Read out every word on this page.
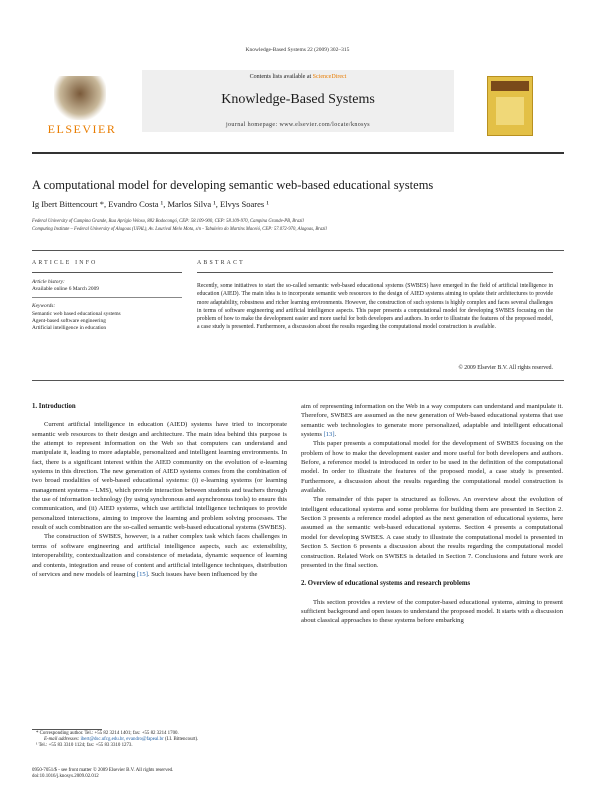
Knowledge-Based Systems 22 (2009) 302–315
ELSEVIER
Contents lists available at ScienceDirect
Knowledge-Based Systems
journal homepage: www.elsevier.com/locate/knosys
A computational model for developing semantic web-based educational systems
Ig Ibert Bittencourt *, Evandro Costa ¹, Marlos Silva ¹, Elvys Soares ¹
Federal University of Campina Grande, Rua Aprígio Veloso, 882 Bodocongó, CEP: 58.109-900, CEP: 58.109-970, Campina Grande-PB, Brazil
Computing Institute – Federal University of Alagoas (UFAL), Av. Lourival Melo Mota, s/n - Tabuleiro do Martins Maceió, CEP: 57.072-970, Alagoas, Brazil
ARTICLE INFO
Article history:
Available online 6 March 2009
Keywords:
Semantic web based educational systems
Agent-based software engineering
Artificial intelligence in education
ABSTRACT
Recently, some initiatives to start the so-called semantic web-based educational systems (SWBES) have emerged in the field of artificial intelligence in education (AIED). The main idea is to incorporate semantic web resources to the design of AIED systems aiming to update their architectures to provide more adaptability, robustness and richer learning environments. However, the construction of such systems is highly complex and faces several challenges in terms of software engineering and artificial intelligence aspects. This paper presents a computational model for developing SWBES focusing on the problem of how to make the development easier and more useful for both developers and authors. In order to illustrate the features of the proposed model, a case study is presented. Furthermore, a discussion about the results regarding the computational model construction is available.
© 2009 Elsevier B.V. All rights reserved.
1. Introduction

Current artificial intelligence in education (AIED) systems have tried to incorporate semantic web resources to their design and architecture. The main idea behind this purpose is the attempt to represent information on the Web so that computers can understand and manipulate it, leading to more adaptable, personalized and intelligent learning environments. In fact, there is a significant interest within the AIED community on the evolution of e-learning systems in this direction. The new generation of AIED systems comes from the combination of two broad modalities of web-based educational systems: (i) e-learning systems (or learning management systems – LMS), which provide interaction between students and teachers through the use of information technology (by using synchronous and asynchronous tools) to ensure this communication, and (ii) AIED systems, which use artificial intelligence techniques to provide personalized interactions, aiming to improve the learning and problem solving processes. The result of such combination are the so-called semantic web-based educational systems (SWBES).

The construction of SWBES, however, is a rather complex task which faces challenges in terms of software engineering and artificial intelligence aspects, such as: extensibility, interoperability, contextualization and consistence of metadata, dynamic sequence of learning and contents, integration and reuse of content and artificial intelligence techniques, distribution of services and new models of learning [15]. Such issues have been influenced by the

* Corresponding author. Tel.: +55 82 3214 1401; fax: +55 82 3214 1700.
E-mail addresses: ibert@dsc.ufcg.edu.br, evandro@fapeal.br (I.I. Bittencourt).
¹ Tel.: +55 83 3310 1124; fax: +55 83 3310 1273.
0950-7051/$ - see front matter © 2009 Elsevier B.V. All rights reserved.
doi:10.1016/j.knosys.2009.02.012

aim of representing information on the Web in a way computers can understand and manipulate it. Therefore, SWBES are assumed as the new generation of Web-based educational systems that use semantic web technologies to generate more personalized, adaptable and intelligent educational systems [13].

This paper presents a computational model for the development of SWBES focusing on the problem of how to make the development easier and more useful for both developers and authors. Before, a reference model is introduced in order to be used in the definition of the computational model. In order to illustrate the features of the proposed model, a case study is presented. Furthermore, a discussion about the results regarding the computational model construction is available.

The remainder of this paper is structured as follows. An overview about the evolution of intelligent educational systems and some problems for building them are presented in Section 2. Section 3 presents a reference model adopted as the next generation of educational systems, here assumed as the semantic web-based educational systems. Section 4 presents a computational model for developing SWBES. A case study to illustrate the computational model is presented in Section 5. Section 6 presents a discussion about the results regarding the computational model construction. Related Work on SWBES is detailed in Section 7. Conclusions and future work are presented in the final section.

2. Overview of educational systems and research problems

This section provides a review of the computer-based educational systems, aiming to present sufficient background and open issues to understand the proposed model. It starts with a discussion about classical approaches to these systems before embarking
